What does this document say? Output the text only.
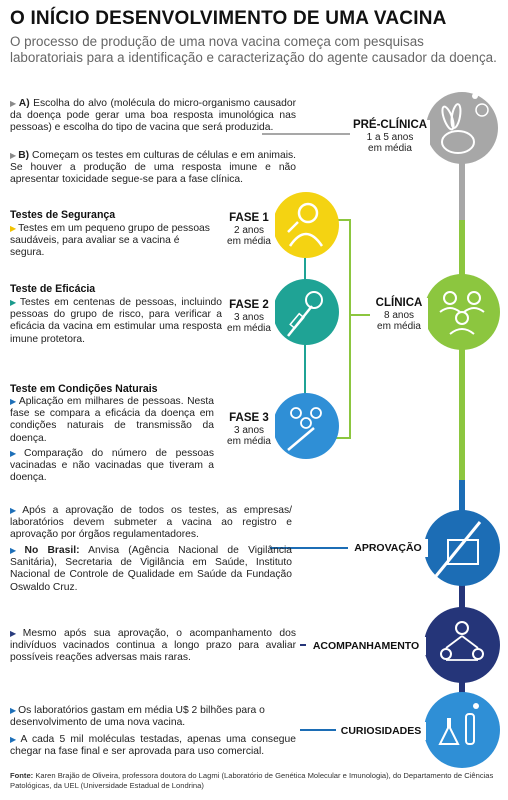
O INÍCIO DESENVOLVIMENTO DE UMA VACINA
O processo de produção de uma nova vacina começa com pesquisas laboratoriais para a identificação e caracterização do agente causador da doença.
▶ A) Escolha do alvo (molécula do micro-organismo causador da doença pode gerar uma boa resposta imunológica nas pessoas) e escolha do tipo de vacina que será produzida.
▶ B) Começam os testes em culturas de células e em animais. Se houver a produção de uma resposta imune e não apresentar toxicidade segue-se para a fase clínica.
PRÉ-CLÍNICA
1 a 5 anos
em média
Testes de Segurança
▶ Testes em um pequeno grupo de pessoas saudáveis, para avaliar se a vacina é segura.
FASE 1
2 anos
em média
Teste de Eficácia
▶ Testes em centenas de pessoas, incluindo pessoas do grupo de risco, para verificar a eficácia da vacina em estimular uma resposta imune protetora.
FASE 2
3 anos
em média
CLÍNICA
8 anos
em média
Teste em Condições Naturais
▶ Aplicação em milhares de pessoas. Nesta fase se compara a eficácia da doença em condições naturais de transmissão da doença.
▶ Comparação do número de pessoas vacinadas e não vacinadas que tiveram a doença.
FASE 3
3 anos
em média
▶ Após a aprovação de todos os testes, as empresas/ laboratórios devem submeter a vacina ao registro e aprovação por órgãos regulamentadores.
▶ No Brasil: Anvisa (Agência Nacional de Vigilância Sanitária), Secretaria de Vigilância em Saúde, Instituto Nacional de Controle de Qualidade em Saúde da Fundação Oswaldo Cruz.
APROVAÇÃO
▶ Mesmo após sua aprovação, o acompanhamento dos indivíduos vacinados continua a longo prazo para avaliar possíveis reações adversas mais raras.
ACOMPANHAMENTO
▶ Os laboratórios gastam em média U$ 2 bilhões para o desenvolvimento de uma nova vacina.
▶ A cada 5 mil moléculas testadas, apenas uma consegue chegar na fase final e ser aprovada para uso comercial.
CURIOSIDADES
Fonte: Karen Brajão de Oliveira, professora doutora do Lagmi (Laboratório de Genética Molecular e Imunologia), do Departamento de Ciências Patológicas, da UEL (Universidade Estadual de Londrina)
